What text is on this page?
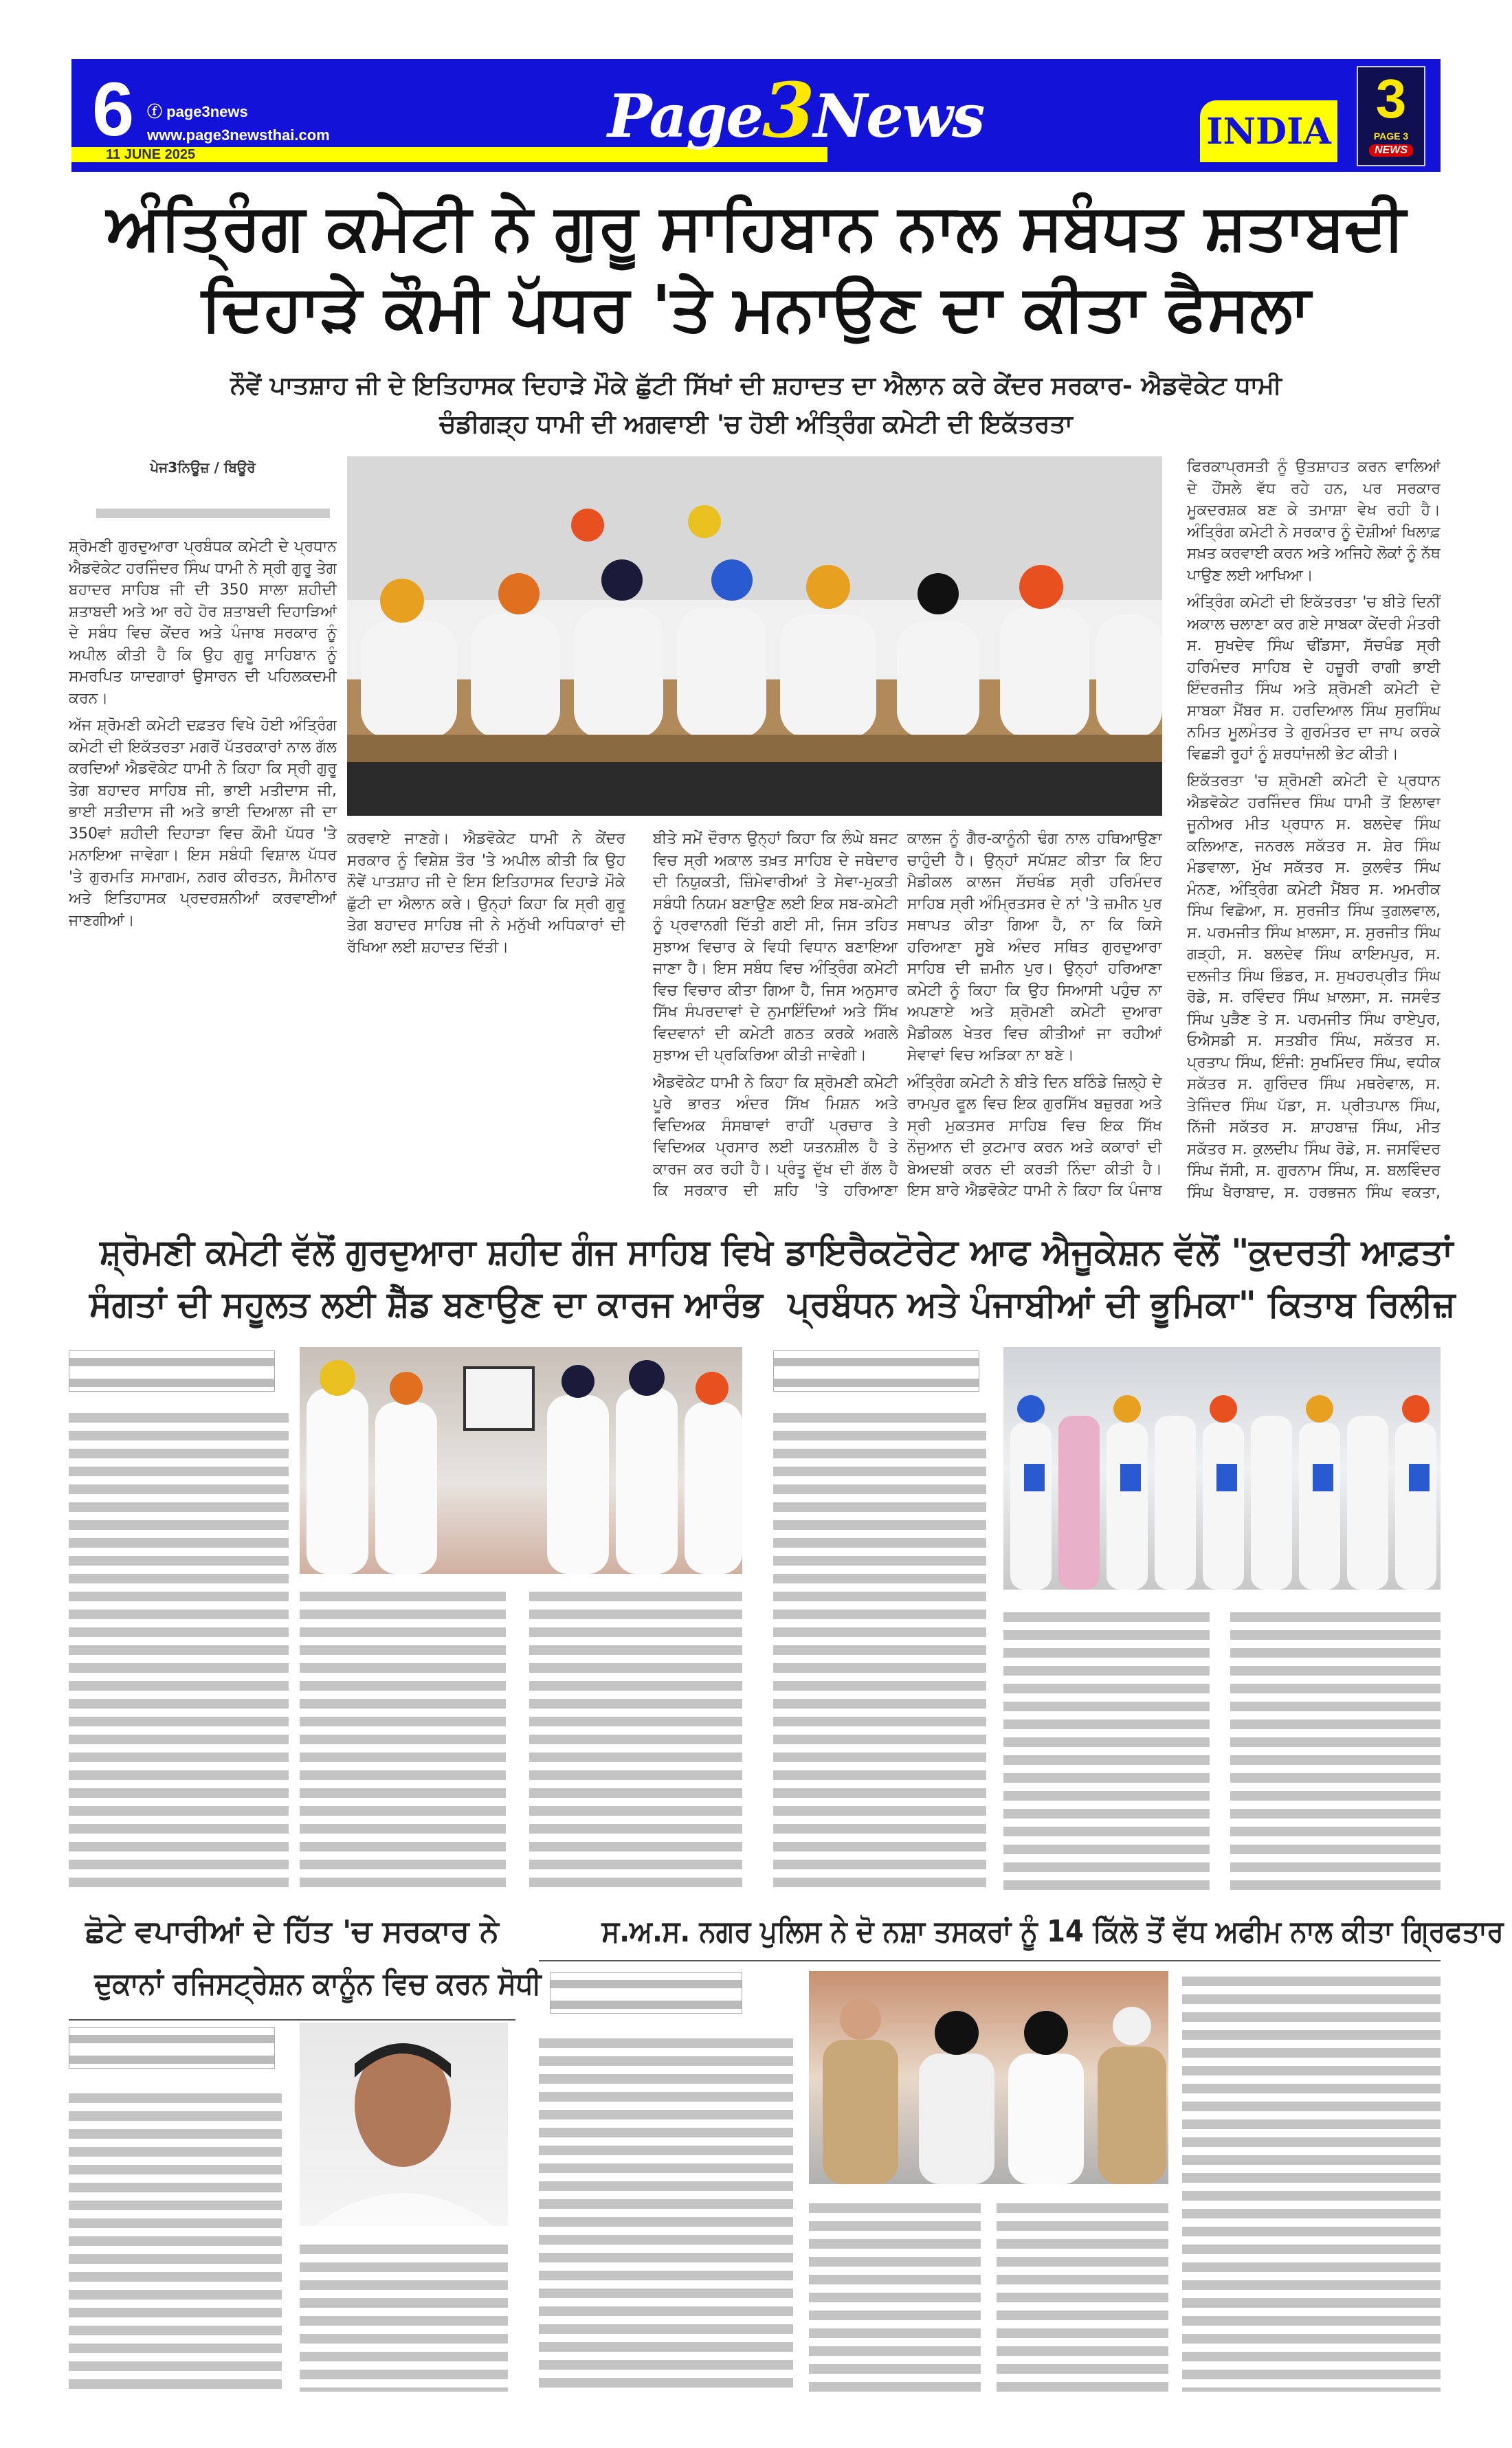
INDIA
6 ⓕ page3news
www.page3newsthai.com
11 JUNE 2025
Page3News	3
PAGE 3
NEWS
ਅੰਤ੍ਰਿੰਗ ਕਮੇਟੀ ਨੇ ਗੁਰੂ ਸਾਹਿਬਾਨ ਨਾਲ ਸਬੰਧਤ ਸ਼ਤਾਬਦੀ
ਦਿਹਾੜੇ ਕੌਮੀ ਪੱਧਰ 'ਤੇ ਮਨਾਉਣ ਦਾ ਕੀਤਾ ਫੈਸਲਾ
ਨੌਵੇਂ ਪਾਤਸ਼ਾਹ ਜੀ ਦੇ ਇਤਿਹਾਸਕ ਦਿਹਾੜੇ ਮੌਕੇ ਛੁੱਟੀ ਸਿੱਖਾਂ ਦੀ ਸ਼ਹਾਦਤ ਦਾ ਐਲਾਨ ਕਰੇ ਕੇਂਦਰ ਸਰਕਾਰ- ਐਡਵੋਕੇਟ ਧਾਮੀ
ਚੰਡੀਗੜ੍ਹ ਧਾਮੀ ਦੀ ਅਗਵਾਈ 'ਚ ਹੋਈ ਅੰਤ੍ਰਿੰਗ ਕਮੇਟੀ ਦੀ ਇਕੱਤਰਤਾ
ਪੇਜ3ਨਿਊਜ਼ / ਬਿਊਰੋ

ਸ਼੍ਰੋਮਣੀ ਗੁਰਦੁਆਰਾ ਪ੍ਰਬੰਧਕ ਕਮੇਟੀ ਦੇ ਪ੍ਰਧਾਨ ਐਡਵੋਕੇਟ ਹਰਜਿੰਦਰ ਸਿੰਘ ਧਾਮੀ ਨੇ ਸ੍ਰੀ ਗੁਰੂ ਤੇਗ ਬਹਾਦਰ ਸਾਹਿਬ ਜੀ ਦੀ 350 ਸਾਲਾ ਸ਼ਹੀਦੀ ਸ਼ਤਾਬਦੀ ਅਤੇ ਆ ਰਹੇ ਹੋਰ ਸ਼ਤਾਬਦੀ ਦਿਹਾੜਿਆਂ ਦੇ ਸਬੰਧ ਵਿਚ ਕੇਂਦਰ ਅਤੇ ਪੰਜਾਬ ਸਰਕਾਰ ਨੂੰ ਅਪੀਲ ਕੀਤੀ ਹੈ ਕਿ ਉਹ ਗੁਰੂ ਸਾਹਿਬਾਨ ਨੂੰ ਸਮਰਪਿਤ ਯਾਦਗਾਰਾਂ ਉਸਾਰਨ ਦੀ ਪਹਿਲਕਦਮੀ ਕਰਨ।

ਅੱਜ ਸ਼੍ਰੋਮਣੀ ਕਮੇਟੀ ਦਫ਼ਤਰ ਵਿਖੇ ਹੋਈ ਅੰਤ੍ਰਿੰਗ ਕਮੇਟੀ ਦੀ ਇਕੱਤਰਤਾ ਮਗਰੋਂ ਪੱਤਰਕਾਰਾਂ ਨਾਲ ਗੱਲ ਕਰਦਿਆਂ ਐਡਵੋਕੇਟ ਧਾਮੀ ਨੇ ਕਿਹਾ ਕਿ ਸ੍ਰੀ ਗੁਰੂ ਤੇਗ ਬਹਾਦਰ ਸਾਹਿਬ ਜੀ, ਭਾਈ ਮਤੀਦਾਸ ਜੀ, ਭਾਈ ਸਤੀਦਾਸ ਜੀ ਅਤੇ ਭਾਈ ਦਿਆਲਾ ਜੀ ਦਾ 350ਵਾਂ ਸ਼ਹੀਦੀ ਦਿਹਾੜਾ ਵਿਚ ਕੌਮੀ ਪੱਧਰ 'ਤੇ ਮਨਾਇਆ ਜਾਵੇਗਾ। ਇਸ ਸਬੰਧੀ ਵਿਸ਼ਾਲ ਪੱਧਰ 'ਤੇ ਗੁਰਮਤਿ ਸਮਾਗਮ, ਨਗਰ ਕੀਰਤਨ, ਸੈਮੀਨਾਰ ਅਤੇ ਇਤਿਹਾਸਕ ਪ੍ਰਦਰਸ਼ਨੀਆਂ ਕਰਵਾਈਆਂ ਜਾਣਗੀਆਂ।

ਕਰਵਾਏ ਜਾਣਗੇ। ਐਡਵੋਕੇਟ ਧਾਮੀ ਨੇ ਕੇਂਦਰ ਸਰਕਾਰ ਨੂੰ ਵਿਸ਼ੇਸ਼ ਤੌਰ 'ਤੇ ਅਪੀਲ ਕੀਤੀ ਕਿ ਉਹ ਨੌਵੇਂ ਪਾਤਸ਼ਾਹ ਜੀ ਦੇ ਇਸ ਇਤਿਹਾਸਕ ਦਿਹਾੜੇ ਮੌਕੇ ਛੁੱਟੀ ਦਾ ਐਲਾਨ ਕਰੇ। ਉਨ੍ਹਾਂ ਕਿਹਾ ਕਿ ਸ੍ਰੀ ਗੁਰੂ ਤੇਗ ਬਹਾਦਰ ਸਾਹਿਬ ਜੀ ਨੇ ਮਨੁੱਖੀ ਅਧਿਕਾਰਾਂ ਦੀ ਰੱਖਿਆ ਲਈ ਸ਼ਹਾਦਤ ਦਿੱਤੀ।

ਬੀਤੇ ਸਮੇਂ ਦੌਰਾਨ ਉਨ੍ਹਾਂ ਕਿਹਾ ਕਿ ਲੰਘੇ ਬਜਟ ਵਿਚ ਸ੍ਰੀ ਅਕਾਲ ਤਖ਼ਤ ਸਾਹਿਬ ਦੇ ਜਥੇਦਾਰ ਦੀ ਨਿਯੁਕਤੀ, ਜ਼ਿੰਮੇਵਾਰੀਆਂ ਤੇ ਸੇਵਾ-ਮੁਕਤੀ ਸਬੰਧੀ ਨਿਯਮ ਬਣਾਉਣ ਲਈ ਇਕ ਸਬ-ਕਮੇਟੀ ਨੂੰ ਪ੍ਰਵਾਨਗੀ ਦਿੱਤੀ ਗਈ ਸੀ, ਜਿਸ ਤਹਿਤ ਸੁਝਾਅ ਵਿਚਾਰ ਕੇ ਵਿਧੀ ਵਿਧਾਨ ਬਣਾਇਆ ਜਾਣਾ ਹੈ। ਇਸ ਸਬੰਧ ਵਿਚ ਅੰਤ੍ਰਿੰਗ ਕਮੇਟੀ ਵਿਚ ਵਿਚਾਰ ਕੀਤਾ ਗਿਆ ਹੈ, ਜਿਸ ਅਨੁਸਾਰ ਸਿੱਖ ਸੰਪਰਦਾਵਾਂ ਦੇ ਨੁਮਾਇੰਦਿਆਂ ਅਤੇ ਸਿੱਖ ਵਿਦਵਾਨਾਂ ਦੀ ਕਮੇਟੀ ਗਠਤ ਕਰਕੇ ਅਗਲੇ ਸੁਝਾਅ ਦੀ ਪ੍ਰਕਿਰਿਆ ਕੀਤੀ ਜਾਵੇਗੀ।

ਐਡਵੋਕੇਟ ਧਾਮੀ ਨੇ ਕਿਹਾ ਕਿ ਸ਼੍ਰੋਮਣੀ ਕਮੇਟੀ ਪੂਰੇ ਭਾਰਤ ਅੰਦਰ ਸਿੱਖ ਮਿਸ਼ਨ ਅਤੇ ਵਿਦਿਅਕ ਸੰਸਥਾਵਾਂ ਰਾਹੀਂ ਪ੍ਰਚਾਰ ਤੇ ਵਿਦਿਅਕ ਪ੍ਰਸਾਰ ਲਈ ਯਤਨਸ਼ੀਲ ਹੈ ਤੇ ਕਾਰਜ ਕਰ ਰਹੀ ਹੈ। ਪ੍ਰੰਤੂ ਦੁੱਖ ਦੀ ਗੱਲ ਹੈ ਕਿ ਸਰਕਾਰ ਦੀ ਸ਼ਹਿ 'ਤੇ ਹਰਿਆਣਾ

ਕਾਲਜ ਨੂੰ ਗੈਰ-ਕਾਨੂੰਨੀ ਢੰਗ ਨਾਲ ਹਥਿਆਉਣਾ ਚਾਹੁੰਦੀ ਹੈ। ਉਨ੍ਹਾਂ ਸਪੱਸ਼ਟ ਕੀਤਾ ਕਿ ਇਹ ਮੈਡੀਕਲ ਕਾਲਜ ਸੱਚਖੰਡ ਸ੍ਰੀ ਹਰਿਮੰਦਰ ਸਾਹਿਬ ਸ੍ਰੀ ਅੰਮ੍ਰਿਤਸਰ ਦੇ ਨਾਂ 'ਤੇ ਜ਼ਮੀਨ ਪੁਰ ਸਥਾਪਤ ਕੀਤਾ ਗਿਆ ਹੈ, ਨਾ ਕਿ ਕਿਸੇ ਹਰਿਆਣਾ ਸੂਬੇ ਅੰਦਰ ਸਥਿਤ ਗੁਰਦੁਆਰਾ ਸਾਹਿਬ ਦੀ ਜ਼ਮੀਨ ਪੁਰ। ਉਨ੍ਹਾਂ ਹਰਿਆਣਾ ਕਮੇਟੀ ਨੂੰ ਕਿਹਾ ਕਿ ਉਹ ਸਿਆਸੀ ਪਹੁੰਚ ਨਾ ਅਪਣਾਏ ਅਤੇ ਸ਼੍ਰੋਮਣੀ ਕਮੇਟੀ ਦੁਆਰਾ ਮੈਡੀਕਲ ਖੇਤਰ ਵਿਚ ਕੀਤੀਆਂ ਜਾ ਰਹੀਆਂ ਸੇਵਾਵਾਂ ਵਿਚ ਅੜਿਕਾ ਨਾ ਬਣੇ।

ਅੰਤ੍ਰਿੰਗ ਕਮੇਟੀ ਨੇ ਬੀਤੇ ਦਿਨ ਬਠਿੰਡੇ ਜ਼ਿਲ੍ਹੇ ਦੇ ਰਾਮਪੁਰ ਫੂਲ ਵਿਚ ਇਕ ਗੁਰਸਿੱਖ ਬਜ਼ੁਰਗ ਅਤੇ ਸ੍ਰੀ ਮੁਕਤਸਰ ਸਾਹਿਬ ਵਿਚ ਇਕ ਸਿੱਖ ਨੌਜੁਆਨ ਦੀ ਕੁਟਮਾਰ ਕਰਨ ਅਤੇ ਕਕਾਰਾਂ ਦੀ ਬੇਅਦਬੀ ਕਰਨ ਦੀ ਕਰੜੀ ਨਿੰਦਾ ਕੀਤੀ ਹੈ। ਇਸ ਬਾਰੇ ਐਡਵੋਕੇਟ ਧਾਮੀ ਨੇ ਕਿਹਾ ਕਿ ਪੰਜਾਬ

ਫਿਰਕਾਪ੍ਰਸਤੀ ਨੂੰ ਉਤਸ਼ਾਹਤ ਕਰਨ ਵਾਲਿਆਂ ਦੇ ਹੌਂਸਲੇ ਵੱਧ ਰਹੇ ਹਨ, ਪਰ ਸਰਕਾਰ ਮੂਕਦਰਸ਼ਕ ਬਣ ਕੇ ਤਮਾਸ਼ਾ ਵੇਖ ਰਹੀ ਹੈ। ਅੰਤ੍ਰਿੰਗ ਕਮੇਟੀ ਨੇ ਸਰਕਾਰ ਨੂੰ ਦੋਸ਼ੀਆਂ ਖਿਲਾਫ਼ ਸਖ਼ਤ ਕਰਵਾਈ ਕਰਨ ਅਤੇ ਅਜਿਹੇ ਲੋਕਾਂ ਨੂੰ ਨੱਥ ਪਾਉਣ ਲਈ ਆਖਿਆ।

ਅੰਤ੍ਰਿੰਗ ਕਮੇਟੀ ਦੀ ਇਕੱਤਰਤਾ 'ਚ ਬੀਤੇ ਦਿਨੀਂ ਅਕਾਲ ਚਲਾਣਾ ਕਰ ਗਏ ਸਾਬਕਾ ਕੇਂਦਰੀ ਮੰਤਰੀ ਸ. ਸੁਖਦੇਵ ਸਿੰਘ ਢੀਂਡਸਾ, ਸੱਚਖੰਡ ਸ੍ਰੀ ਹਰਿਮੰਦਰ ਸਾਹਿਬ ਦੇ ਹਜ਼ੂਰੀ ਰਾਗੀ ਭਾਈ ਇੰਦਰਜੀਤ ਸਿੰਘ ਅਤੇ ਸ਼੍ਰੋਮਣੀ ਕਮੇਟੀ ਦੇ ਸਾਬਕਾ ਮੈਂਬਰ ਸ. ਹਰਦਿਆਲ ਸਿੰਘ ਸੁਰਸਿੰਘ ਨਮਿਤ ਮੂਲਮੰਤਰ ਤੇ ਗੁਰਮੰਤਰ ਦਾ ਜਾਪ ਕਰਕੇ ਵਿਛੜੀ ਰੂਹਾਂ ਨੂੰ ਸ਼ਰਧਾਂਜਲੀ ਭੇਟ ਕੀਤੀ।

ਇਕੱਤਰਤਾ 'ਚ ਸ਼੍ਰੋਮਣੀ ਕਮੇਟੀ ਦੇ ਪ੍ਰਧਾਨ ਐਡਵੋਕੇਟ ਹਰਜਿੰਦਰ ਸਿੰਘ ਧਾਮੀ ਤੋਂ ਇਲਾਵਾ ਜੂਨੀਅਰ ਮੀਤ ਪ੍ਰਧਾਨ ਸ. ਬਲਦੇਵ ਸਿੰਘ ਕਲਿਆਣ, ਜਨਰਲ ਸਕੱਤਰ ਸ. ਸ਼ੇਰ ਸਿੰਘ ਮੰਡਵਾਲਾ, ਮੁੱਖ ਸਕੱਤਰ ਸ. ਕੁਲਵੰਤ ਸਿੰਘ ਮੰਨਣ, ਅੰਤ੍ਰਿੰਗ ਕਮੇਟੀ ਮੈਂਬਰ ਸ. ਅਮਰੀਕ ਸਿੰਘ ਵਿਛੋਆ, ਸ. ਸੁਰਜੀਤ ਸਿੰਘ ਤੁਗਲਵਾਲ, ਸ. ਪਰਮਜੀਤ ਸਿੰਘ ਖ਼ਾਲਸਾ, ਸ. ਸੁਰਜੀਤ ਸਿੰਘ ਗੜ੍ਹੀ, ਸ. ਬਲਦੇਵ ਸਿੰਘ ਕਾਇਮਪੁਰ, ਸ. ਦਲਜੀਤ ਸਿੰਘ ਭਿੰਡਰ, ਸ. ਸੁਖਹਰਪ੍ਰੀਤ ਸਿੰਘ ਰੋਡੇ, ਸ. ਰਵਿੰਦਰ ਸਿੰਘ ਖ਼ਾਲਸਾ, ਸ. ਜਸਵੰਤ ਸਿੰਘ ਪੁੜੈਣ ਤੇ ਸ. ਪਰਮਜੀਤ ਸਿੰਘ ਰਾਏਪੁਰ, ਓਐਸਡੀ ਸ. ਸਤਬੀਰ ਸਿੰਘ, ਸਕੱਤਰ ਸ. ਪ੍ਰਤਾਪ ਸਿੰਘ, ਇੰਜੀ: ਸੁਖਮਿੰਦਰ ਸਿੰਘ, ਵਧੀਕ ਸਕੱਤਰ ਸ. ਗੁਰਿੰਦਰ ਸਿੰਘ ਮਥਰੇਵਾਲ, ਸ. ਤੇਜਿੰਦਰ ਸਿੰਘ ਪੱਡਾ, ਸ. ਪ੍ਰੀਤਪਾਲ ਸਿੰਘ, ਨਿੱਜੀ ਸਕੱਤਰ ਸ. ਸ਼ਾਹਬਾਜ਼ ਸਿੰਘ, ਮੀਤ ਸਕੱਤਰ ਸ. ਕੁਲਦੀਪ ਸਿੰਘ ਰੋਡੇ, ਸ. ਜਸਵਿੰਦਰ ਸਿੰਘ ਜੱਸੀ, ਸ. ਗੁਰਨਾਮ ਸਿੰਘ, ਸ. ਬਲਵਿੰਦਰ ਸਿੰਘ ਖੈਰਾਬਾਦ, ਸ. ਹਰਭਜਨ ਸਿੰਘ ਵਕਤਾ,

ਸ਼੍ਰੋਮਣੀ ਕਮੇਟੀ ਵੱਲੋਂ ਗੁਰਦੁਆਰਾ ਸ਼ਹੀਦ ਗੰਜ ਸਾਹਿਬ ਵਿਖੇ
ਸੰਗਤਾਂ ਦੀ ਸਹੂਲਤ ਲਈ ਸ਼ੈੱਡ ਬਣਾਉਣ ਦਾ ਕਾਰਜ ਆਰੰਭ
ਡਾਇਰੈਕਟੋਰੇਟ ਆਫ ਐਜੂਕੇਸ਼ਨ ਵੱਲੋਂ "ਕੁਦਰਤੀ ਆਫ਼ਤਾਂ
ਪ੍ਰਬੰਧਨ ਅਤੇ ਪੰਜਾਬੀਆਂ ਦੀ ਭੂਮਿਕਾ" ਕਿਤਾਬ ਰਿਲੀਜ਼
ਛੋਟੇ ਵਪਾਰੀਆਂ ਦੇ ਹਿੱਤ 'ਚ ਸਰਕਾਰ ਨੇ
ਦੁਕਾਨਾਂ ਰਜਿਸਟ੍ਰੇਸ਼ਨ ਕਾਨੂੰਨ ਵਿਚ ਕਰਨ ਸੋਧੀ
ਸ.ਅ.ਸ. ਨਗਰ ਪੁਲਿਸ ਨੇ ਦੋ ਨਸ਼ਾ ਤਸਕਰਾਂ ਨੂੰ 14 ਕਿੱਲੋ ਤੋਂ ਵੱਧ ਅਫੀਮ ਨਾਲ ਕੀਤਾ ਗ੍ਰਿਫਤਾਰ
